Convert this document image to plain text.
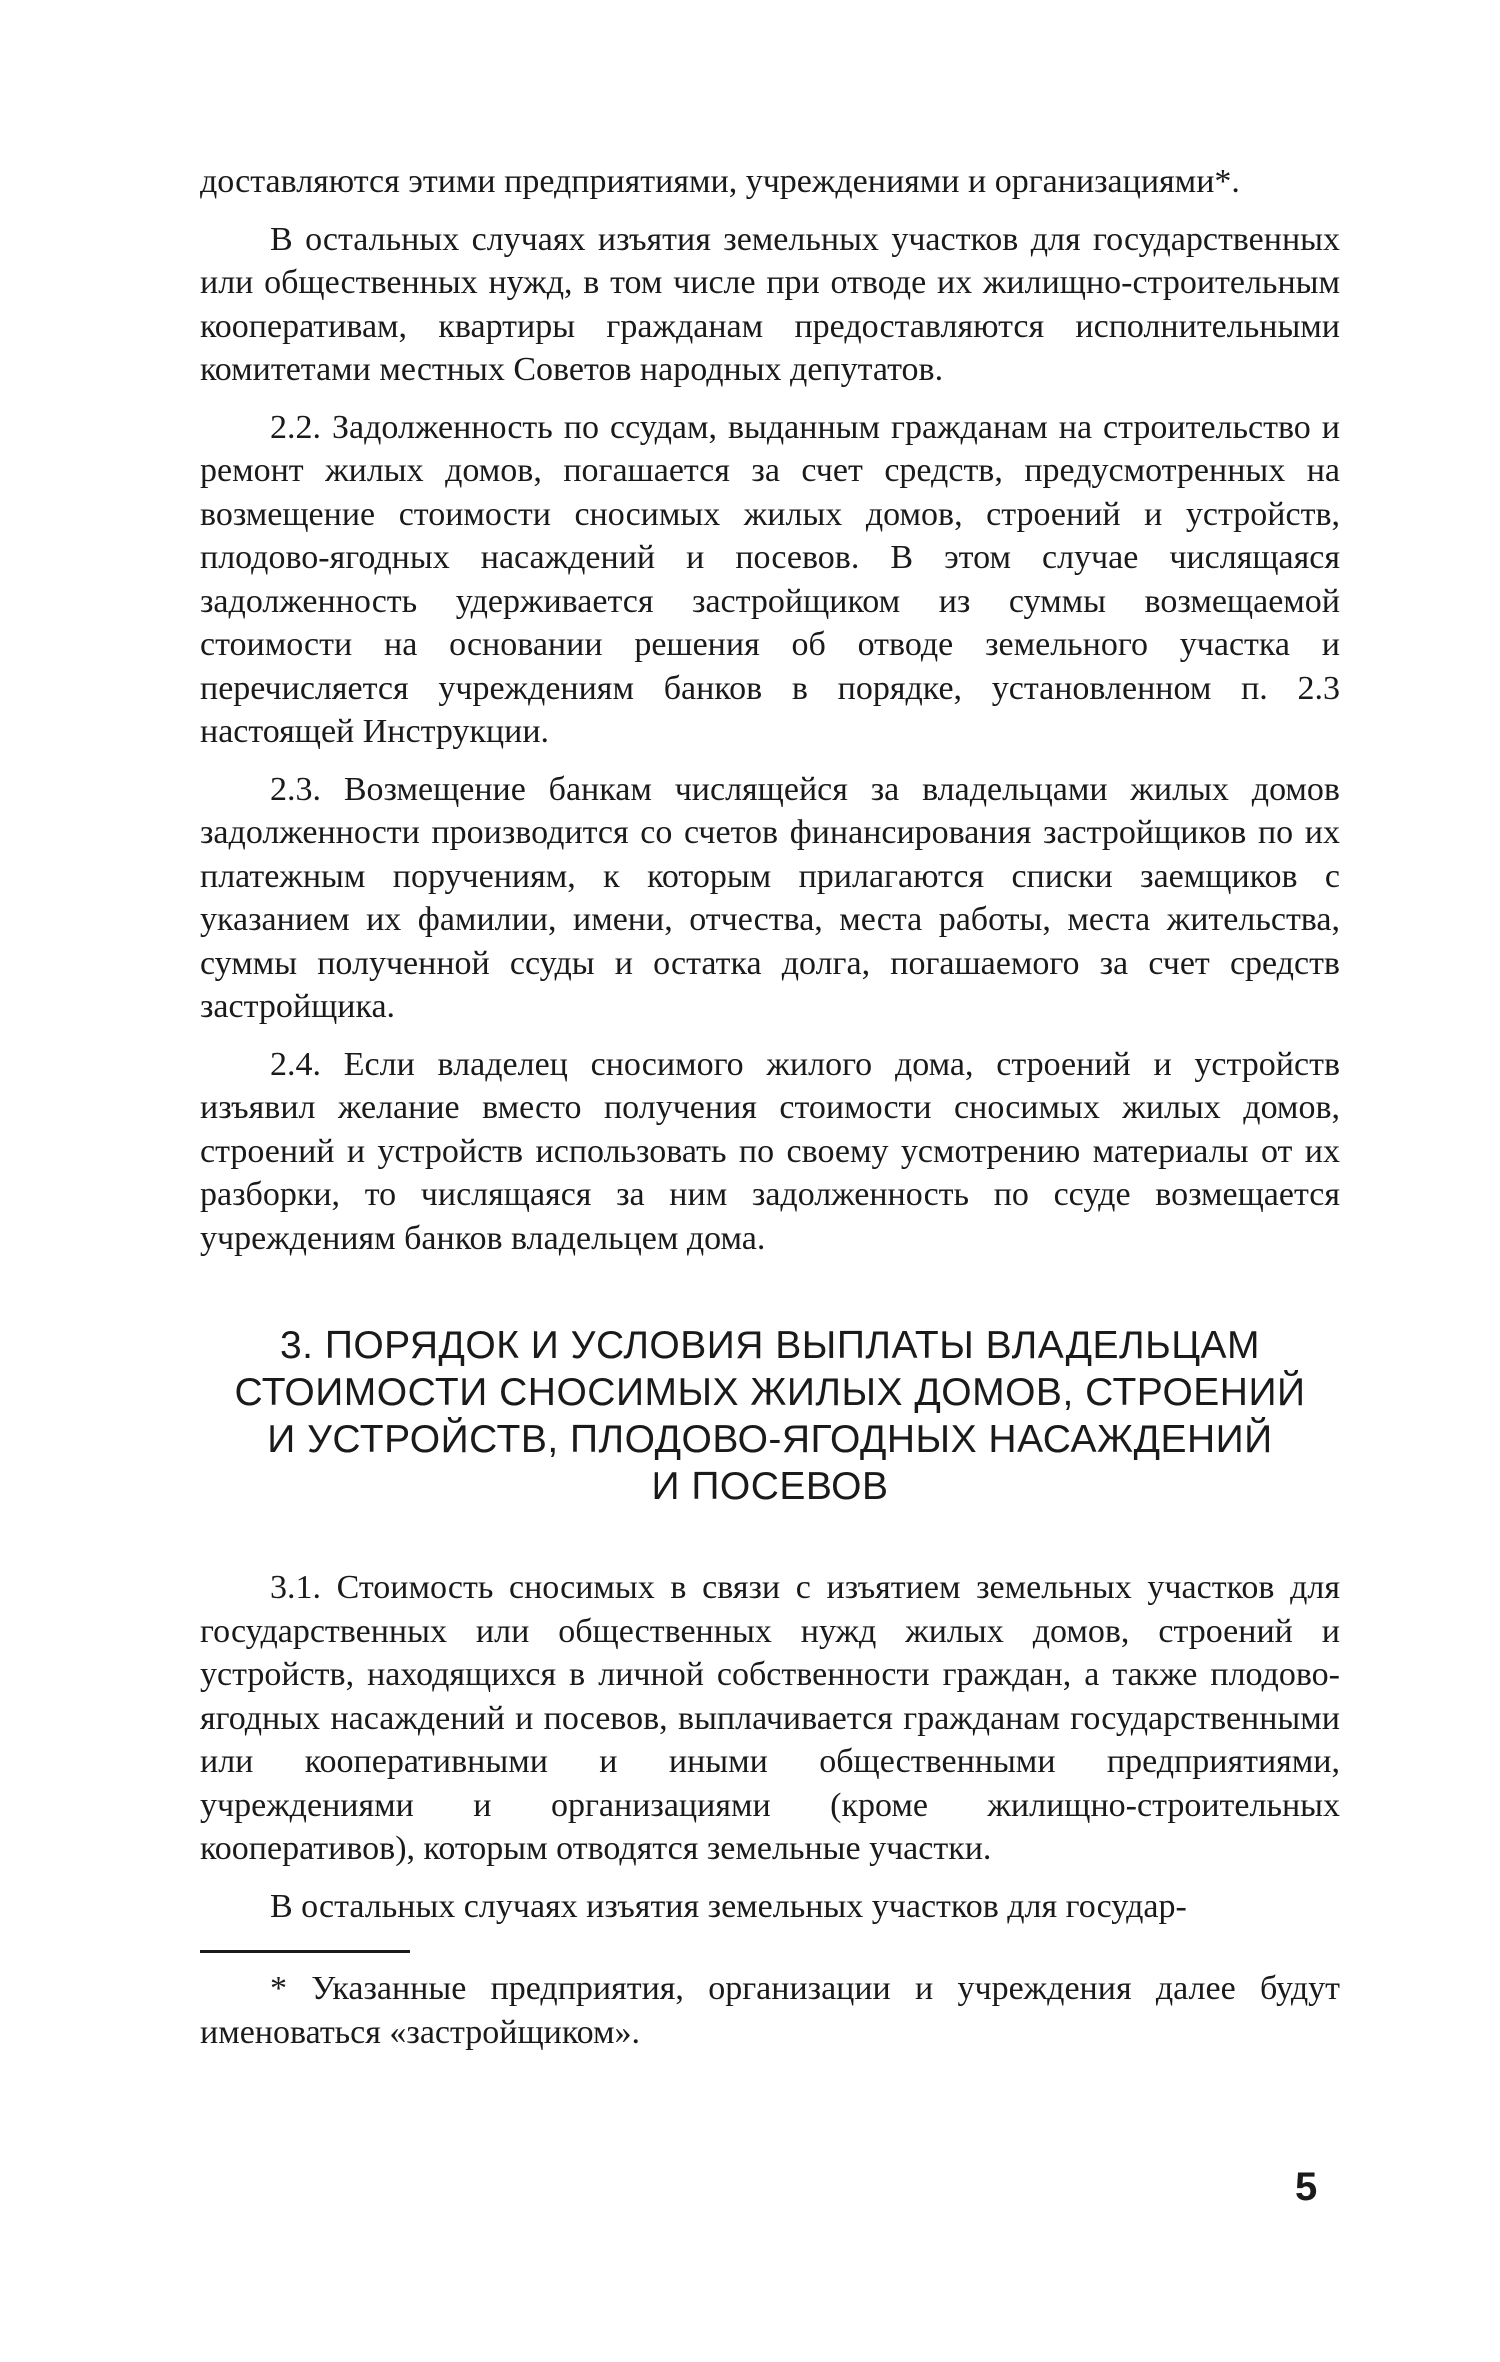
доставляются этими предприятиями, учреждениями и организациями*.

В остальных случаях изъятия земельных участков для государственных или общественных нужд, в том числе при отводе их жилищно-строительным кооперативам, квартиры гражданам предоставляются исполнительными комитетами местных Советов народных депутатов.

2.2. Задолженность по ссудам, выданным гражданам на строительство и ремонт жилых домов, погашается за счет средств, предусмотренных на возмещение стоимости сносимых жилых домов, строений и устройств, плодово-ягодных насаждений и посевов. В этом случае числящаяся задолженность удерживается застройщиком из суммы возмещаемой стоимости на основании решения об отводе земельного участка и перечисляется учреждениям банков в порядке, установленном п. 2.3 настоящей Инструкции.

2.3. Возмещение банкам числящейся за владельцами жилых домов задолженности производится со счетов финансирования застройщиков по их платежным поручениям, к которым прилагаются списки заемщиков с указанием их фамилии, имени, отчества, места работы, места жительства, суммы полученной ссуды и остатка долга, погашаемого за счет средств застройщика.

2.4. Если владелец сносимого жилого дома, строений и устройств изъявил желание вместо получения стоимости сносимых жилых домов, строений и устройств использовать по своему усмотрению материалы от их разборки, то числящаяся за ним задолженность по ссуде возмещается учреждениям банков владельцем дома.

3. ПОРЯДОК И УСЛОВИЯ ВЫПЛАТЫ ВЛАДЕЛЬЦАМ
СТОИМОСТИ СНОСИМЫХ ЖИЛЫХ ДОМОВ, СТРОЕНИЙ
И УСТРОЙСТВ, ПЛОДОВО-ЯГОДНЫХ НАСАЖДЕНИЙ
И ПОСЕВОВ

3.1. Стоимость сносимых в связи с изъятием земельных участков для государственных или общественных нужд жилых домов, строений и устройств, находящихся в личной собственности граждан, а также плодово-ягодных насаждений и посевов, выплачивается гражданам государственными или кооперативными и иными общественными предприятиями, учреждениями и организациями (кроме жилищно-строительных кооперативов), которым отводятся земельные участки.

В остальных случаях изъятия земельных участков для государ-

* Указанные предприятия, организации и учреждения далее будут именоваться «застройщиком».

5
